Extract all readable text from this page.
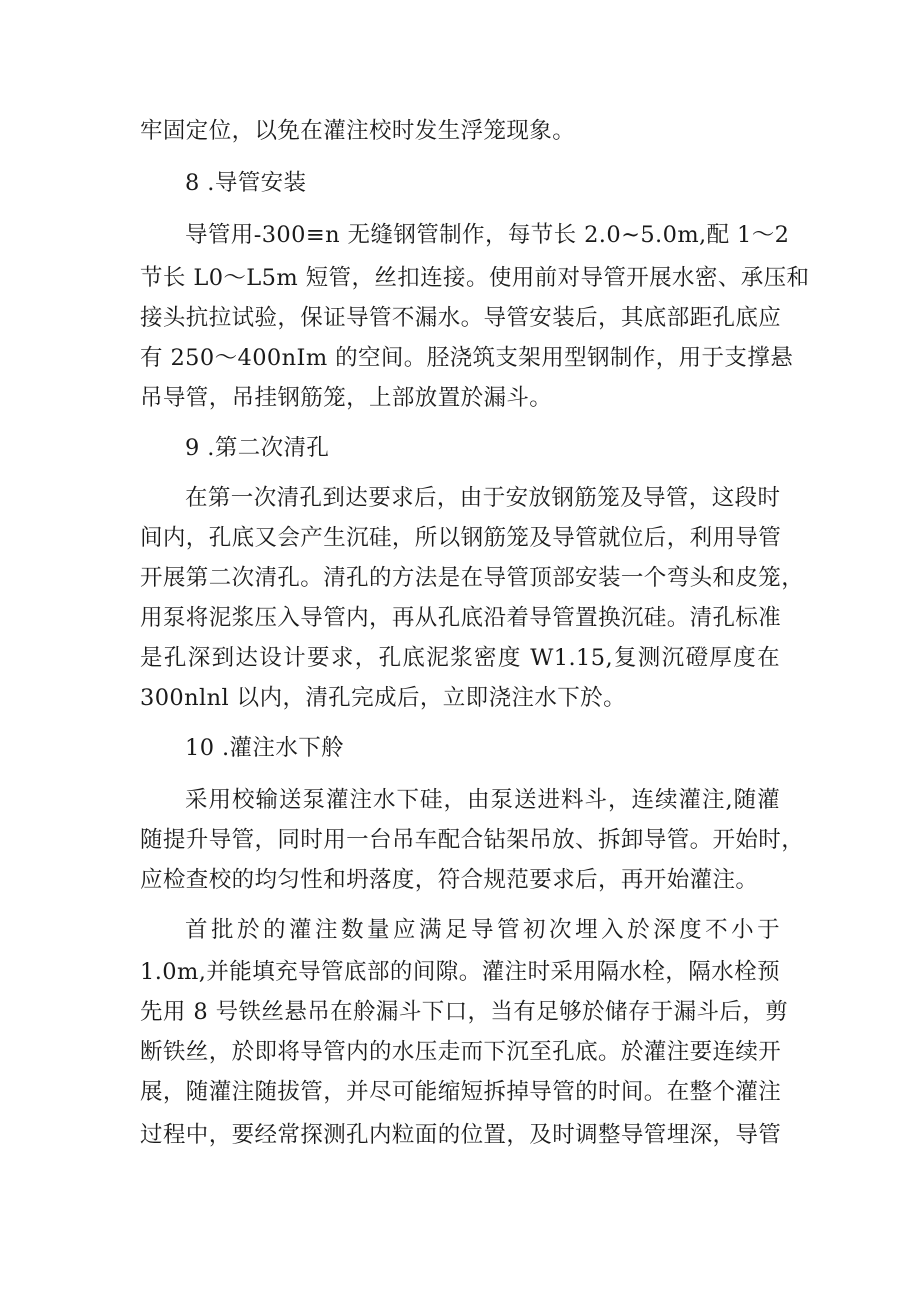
牢固定位，以免在灌注校时发生浮笼现象。
8 .导管安装
导管用-300≡n 无缝钢管制作，每节长 2.0~5.0m,配 1～2
节长 L0～L5m 短管，丝扣连接。使用前对导管开展水密、承压和
接头抗拉试验，保证导管不漏水。导管安装后，其底部距孔底应
有 250～400nIm 的空间。胫浇筑支架用型钢制作，用于支撑悬
吊导管，吊挂钢筋笼，上部放置於漏斗。
9 .第二次清孔
在第一次清孔到达要求后，由于安放钢筋笼及导管，这段时
间内，孔底又会产生沉硅，所以钢筋笼及导管就位后，利用导管
开展第二次清孔。清孔的方法是在导管顶部安装一个弯头和皮笼，
用泵将泥浆压入导管内，再从孔底沿着导管置换沉硅。清孔标准
是孔深到达设计要求，孔底泥浆密度 W1.15,复测沉磴厚度在
300nlnl 以内，清孔完成后，立即浇注水下於。
10 .灌注水下舲
采用校输送泵灌注水下硅，由泵送进料斗，连续灌注,随灌
随提升导管，同时用一台吊车配合钻架吊放、拆卸导管。开始时，
应检查校的均匀性和坍落度，符合规范要求后，再开始灌注。
首批於的灌注数量应满足导管初次埋入於深度不小于
1.0m,并能填充导管底部的间隙。灌注时采用隔水栓，隔水栓预
先用 8 号铁丝悬吊在舲漏斗下口，当有足够於储存于漏斗后，剪
断铁丝，於即将导管内的水压走而下沉至孔底。於灌注要连续开
展，随灌注随拔管，并尽可能缩短拆掉导管的时间。在整个灌注
过程中，要经常探测孔内粒面的位置，及时调整导管埋深，导管
